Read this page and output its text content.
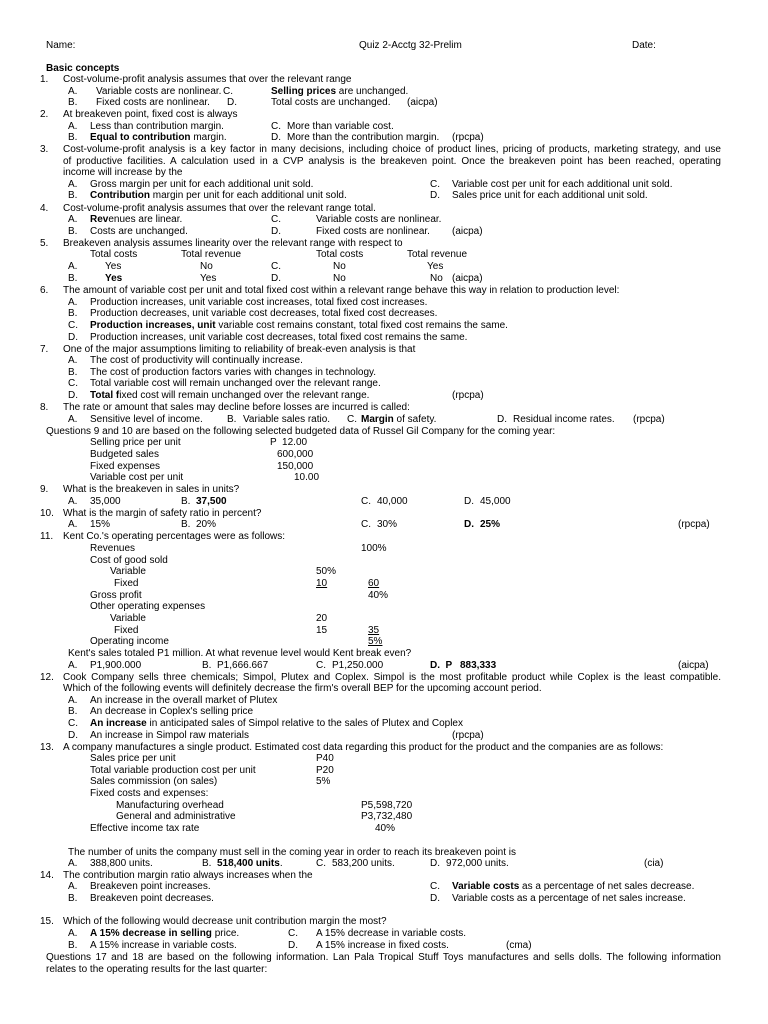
Name:	Quiz 2-Acctg 32-Prelim	Date:
Basic concepts
1. Cost-volume-profit analysis assumes that over the relevant range
A. Variable costs are nonlinear. C.	Selling prices are unchanged.
B. Fixed costs are nonlinear. D.	Total costs are unchanged. (aicpa)
2. At breakeven point, fixed cost is always
A. Less than contribution margin.	C. More than variable cost.
B. Equal to contribution margin.	D. More than the contribution margin. (rpcpa)
3. Cost-volume-profit analysis is a key factor in many decisions, including choice of product lines, pricing of products, marketing strategy, and use
of productive facilities. A calculation used in a CVP analysis is the breakeven point. Once the breakeven point has been reached, operating
income will increase by the
A. Gross margin per unit for each additional unit sold.	C. Variable cost per unit for each additional unit sold.
B. Contribution margin per unit for each additional unit sold.	D. Sales price unit for each additional unit sold.
4. Cost-volume-profit analysis assumes that over the relevant range total.
A. Revenues are linear.	C.	Variable costs are nonlinear.
B. Costs are unchanged.	D.	Fixed costs are nonlinear. (aicpa)
5. Breakeven analysis assumes linearity over the relevant range with respect to
Total costs	Total revenue	Total costs	Total revenue
A.	Yes	No	C.	No	Yes
B.	Yes	Yes	D.	No	No (aicpa)
6. The amount of variable cost per unit and total fixed cost within a relevant range behave this way in relation to production level:
A. Production increases, unit variable cost increases, total fixed cost increases.
B. Production decreases, unit variable cost decreases, total fixed cost decreases.
C. Production increases, unit variable cost remains constant, total fixed cost remains the same.
D. Production increases, unit variable cost decreases, total fixed cost remains the same.
7. One of the major assumptions limiting to reliability of break-even analysis is that
A. The cost of productivity will continually increase.
B. The cost of production factors varies with changes in technology.
C. Total variable cost will remain unchanged over the relevant range.
D. Total fixed cost will remain unchanged over the relevant range.	(rpcpa)
8. The rate or amount that sales may decline before losses are incurred is called:
A. Sensitive level of income. B. Variable sales ratio. C. Margin of safety.	D. Residual income rates. (rpcpa)
Questions 9 and 10 are based on the following selected budgeted data of Russel Gil Company for the coming year:
Selling price per unit	P  12.00
Budgeted sales	600,000
Fixed expenses	150,000
Variable cost per unit	10.00
9. What is the breakeven in sales in units?
A. 35,000	B. 37,500	C. 40,000	D. 45,000
10. What is the margin of safety ratio in percent?
A. 15%	B. 20%	C. 30%	D. 25%	(rpcpa)
11. Kent Co.'s operating percentages were as follows:
Revenues	100%
Cost of good sold
Variable	50%
Fixed	10	60
Gross profit	40%
Other operating expenses
Variable	20
Fixed	15	35
Operating income	5%
Kent's sales totaled P1 million. At what revenue level would Kent break even?
A. P1,900.000	B. P1,666.667	C. P1,250.000	D.  P 883,333	(aicpa)
12. Cook Company sells three chemicals; Simpol, Plutex and Coplex. Simpol is the most profitable product while Coplex is the least compatible.
Which of the following events will definitely decrease the firm's overall BEP for the upcoming account period.
A. An increase in the overall market of Plutex
B. An decrease in Coplex's selling price
C. An increase in anticipated sales of Simpol relative to the sales of Plutex and Coplex
D. An increase in Simpol raw materials	(rpcpa)
13. A company manufactures a single product. Estimated cost data regarding this product for the product and the companies are as follows:
Sales price per unit	P40
Total variable production cost per unit	P20
Sales commission (on sales)	5%
Fixed costs and expenses:
Manufacturing overhead	P5,598,720
General and administrative	P3,732,480
Effective income tax rate	40%
The number of units the company must sell in the coming year in order to reach its breakeven point is
A. 388,800 units.	B. 518,400 units.	C. 583,200 units.	D. 972,000 units.	(cia)
14. The contribution margin ratio always increases when the
A. Breakeven point increases.	C. Variable costs as a percentage of net sales decrease.
B. Breakeven point decreases.	D. Variable costs as a percentage of net sales increase.
15. Which of the following would decrease unit contribution margin the most?
A. A 15% decrease in selling price.	C. A 15% decrease in variable costs.
B. A 15% increase in variable costs.	D. A 15% increase in fixed costs.	(cma)
Questions 17 and 18 are based on the following information. Lan Pala Tropical Stuff Toys manufactures and sells dolls. The following information
relates to the operating results for the last quarter:
